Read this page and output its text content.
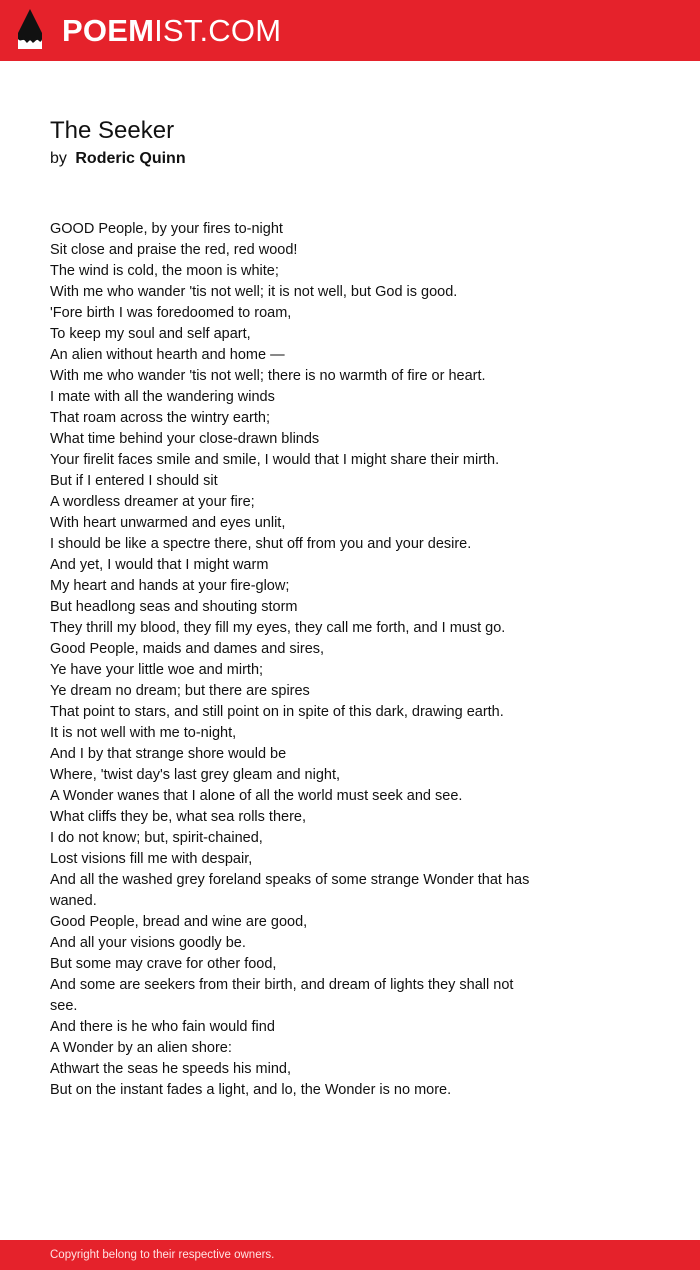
POEMIST.COM
The Seeker
by Roderic Quinn
GOOD People, by your fires to-night
Sit close and praise the red, red wood!
The wind is cold, the moon is white;
With me who wander 'tis not well; it is not well, but God is good.
'Fore birth I was foredoomed to roam,
To keep my soul and self apart,
An alien without hearth and home —
With me who wander 'tis not well; there is no warmth of fire or heart.
I mate with all the wandering winds
That roam across the wintry earth;
What time behind your close-drawn blinds
Your firelit faces smile and smile, I would that I might share their mirth.
But if I entered I should sit
A wordless dreamer at your fire;
With heart unwarmed and eyes unlit,
I should be like a spectre there, shut off from you and your desire.
And yet, I would that I might warm
My heart and hands at your fire-glow;
But headlong seas and shouting storm
They thrill my blood, they fill my eyes, they call me forth, and I must go.
Good People, maids and dames and sires,
Ye have your little woe and mirth;
Ye dream no dream; but there are spires
That point to stars, and still point on in spite of this dark, drawing earth.
It is not well with me to-night,
And I by that strange shore would be
Where, 'twist day's last grey gleam and night,
A Wonder wanes that I alone of all the world must seek and see.
What cliffs they be, what sea rolls there,
I do not know; but, spirit-chained,
Lost visions fill me with despair,
And all the washed grey foreland speaks of some strange Wonder that has waned.
Good People, bread and wine are good,
And all your visions goodly be.
But some may crave for other food,
And some are seekers from their birth, and dream of lights they shall not see.
And there is he who fain would find
A Wonder by an alien shore:
Athwart the seas he speeds his mind,
But on the instant fades a light, and lo, the Wonder is no more.
Copyright belong to their respective owners.
